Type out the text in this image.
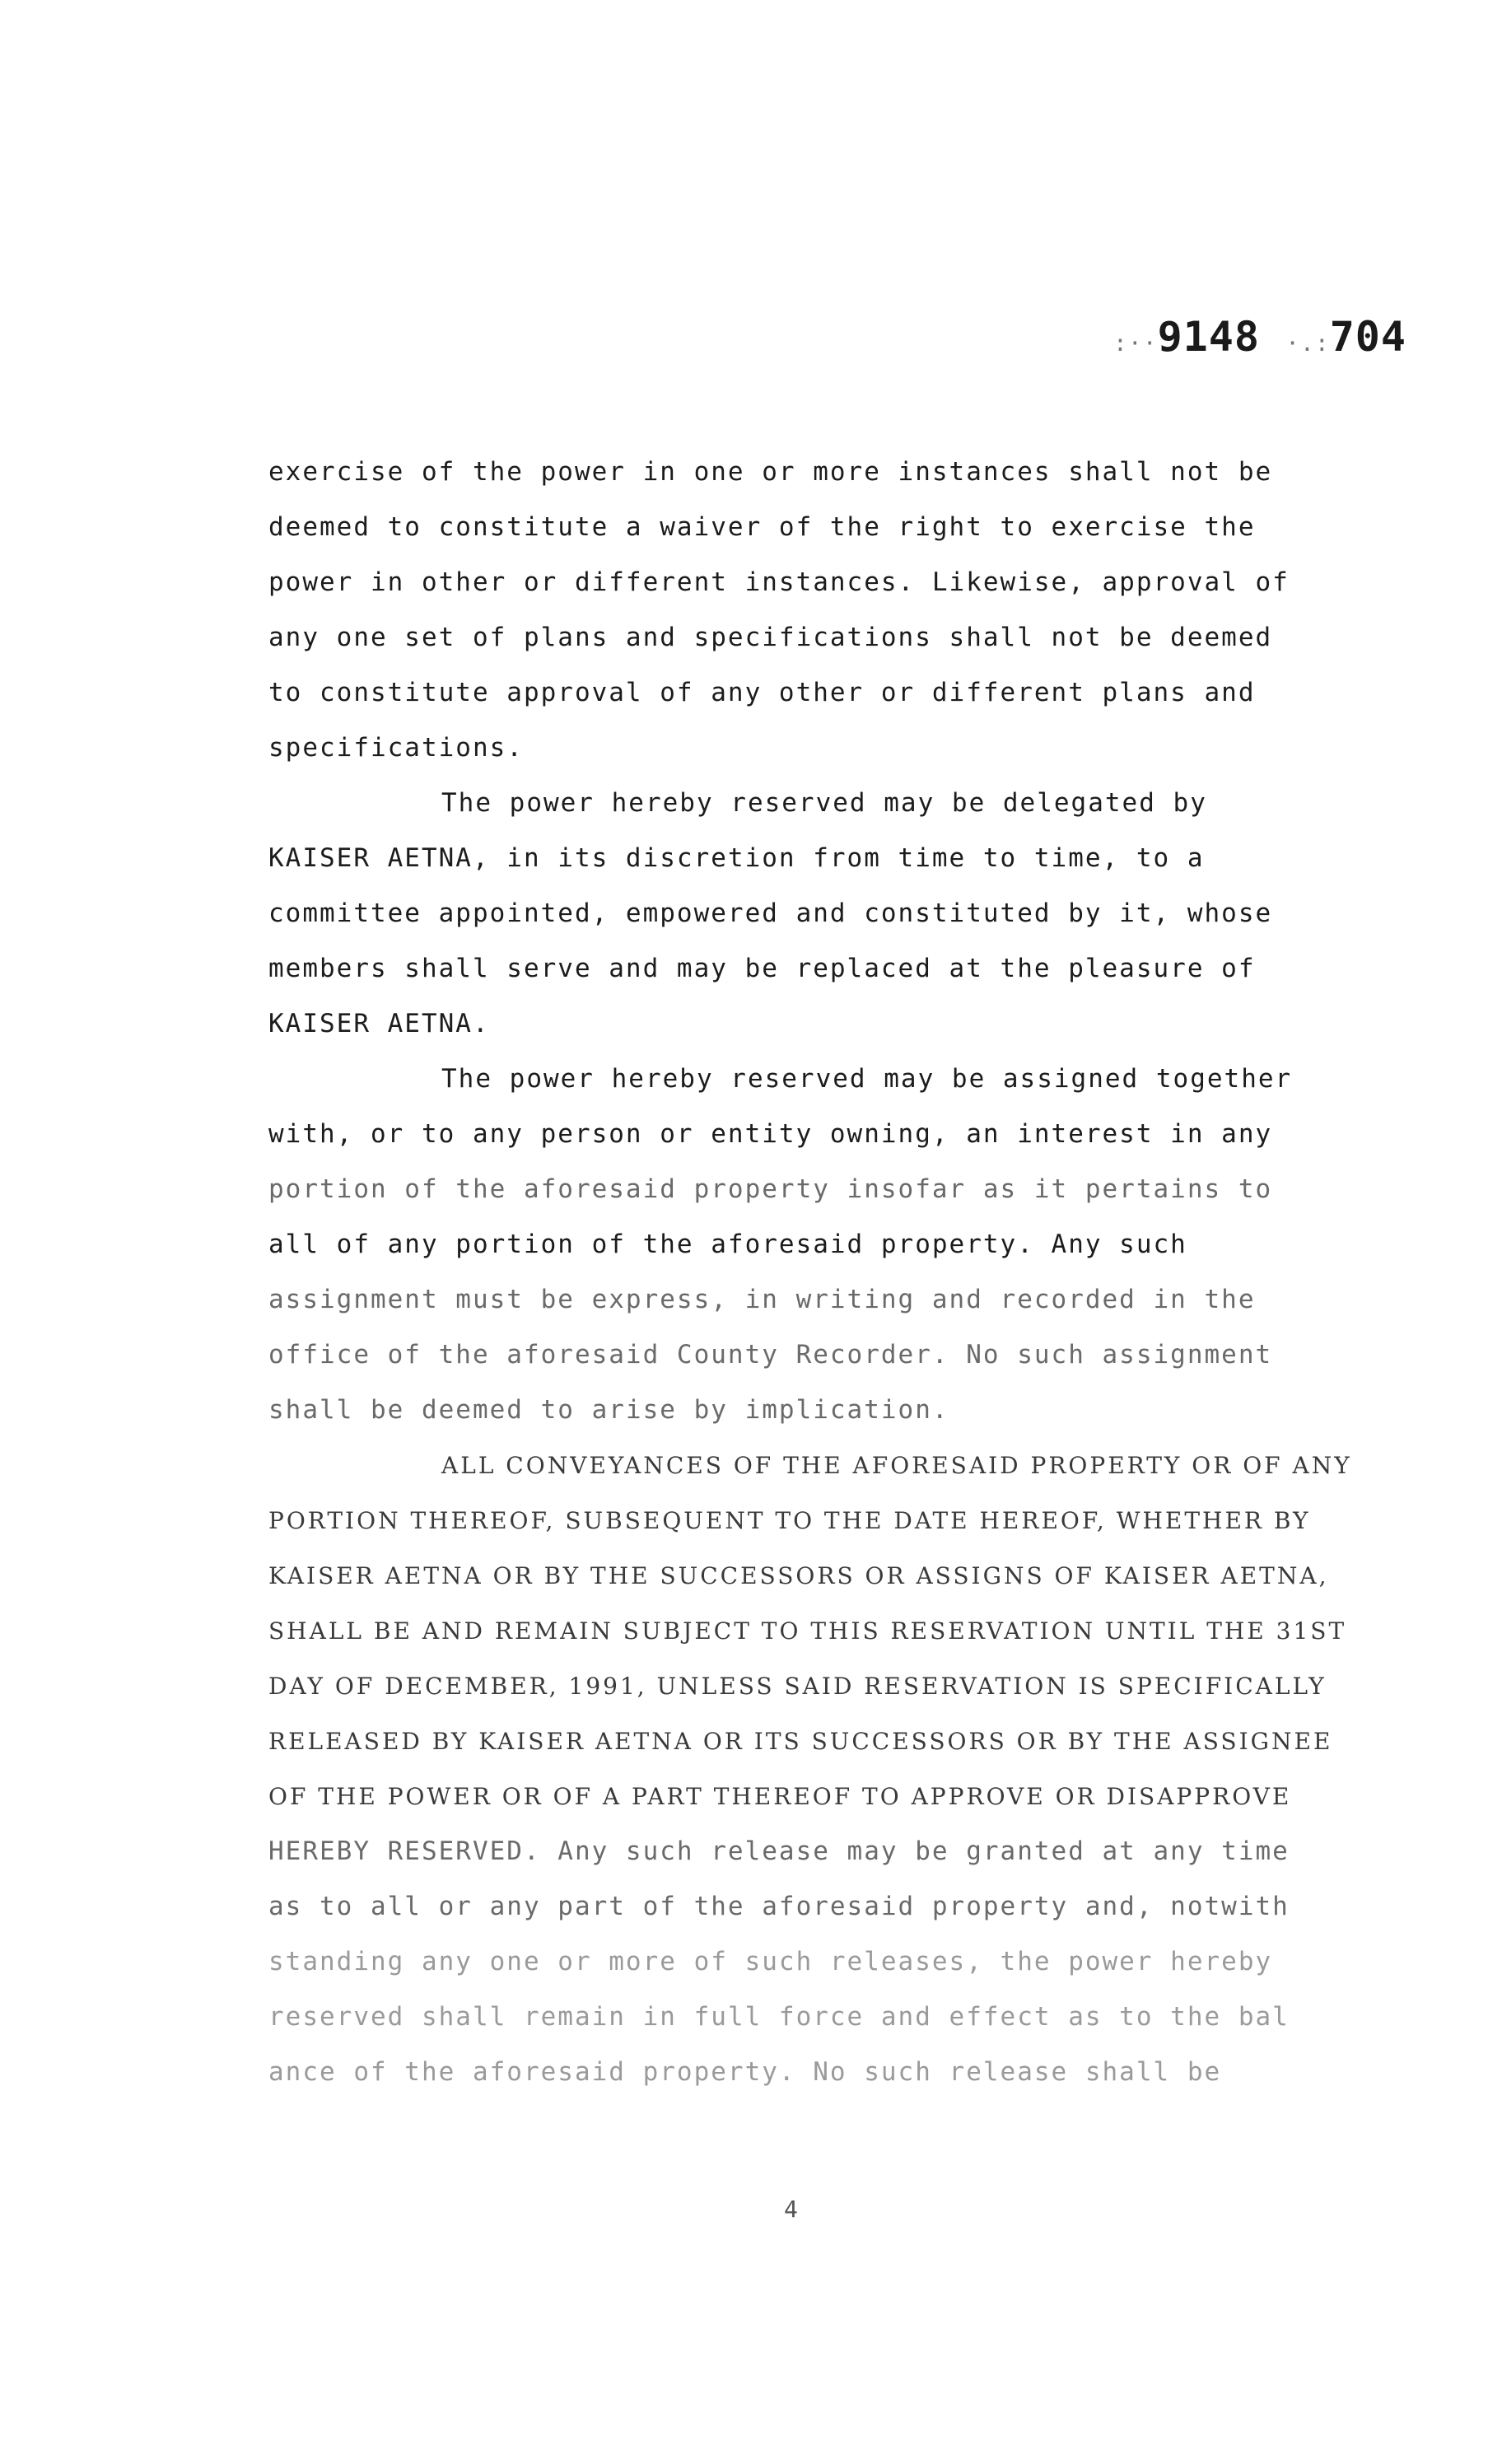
:··9148 ·.:704
exercise of the power in one or more instances shall not be
deemed to constitute a waiver of the right to exercise the
power in other or different instances. Likewise, approval of
any one set of plans and specifications shall not be deemed
to constitute approval of any other or different plans and
specifications.
The power hereby reserved may be delegated by
KAISER AETNA, in its discretion from time to time, to a
committee appointed, empowered and constituted by it, whose
members shall serve and may be replaced at the pleasure of
KAISER AETNA.
The power hereby reserved may be assigned together
with, or to any person or entity owning, an interest in any
portion of the aforesaid property insofar as it pertains to
all of any portion of the aforesaid property. Any such
assignment must be express, in writing and recorded in the
office of the aforesaid County Recorder. No such assignment
shall be deemed to arise by implication.
ALL CONVEYANCES OF THE AFORESAID PROPERTY OR OF ANY
PORTION THEREOF, SUBSEQUENT TO THE DATE HEREOF, WHETHER BY
KAISER AETNA OR BY THE SUCCESSORS OR ASSIGNS OF KAISER AETNA,
SHALL BE AND REMAIN SUBJECT TO THIS RESERVATION UNTIL THE 31ST
DAY OF DECEMBER, 1991, UNLESS SAID RESERVATION IS SPECIFICALLY
RELEASED BY KAISER AETNA OR ITS SUCCESSORS OR BY THE ASSIGNEE
OF THE POWER OR OF A PART THEREOF TO APPROVE OR DISAPPROVE
HEREBY RESERVED. Any such release may be granted at any time
as to all or any part of the aforesaid property and, notwith
standing any one or more of such releases, the power hereby
reserved shall remain in full force and effect as to the bal
ance of the aforesaid property. No such release shall be
4
